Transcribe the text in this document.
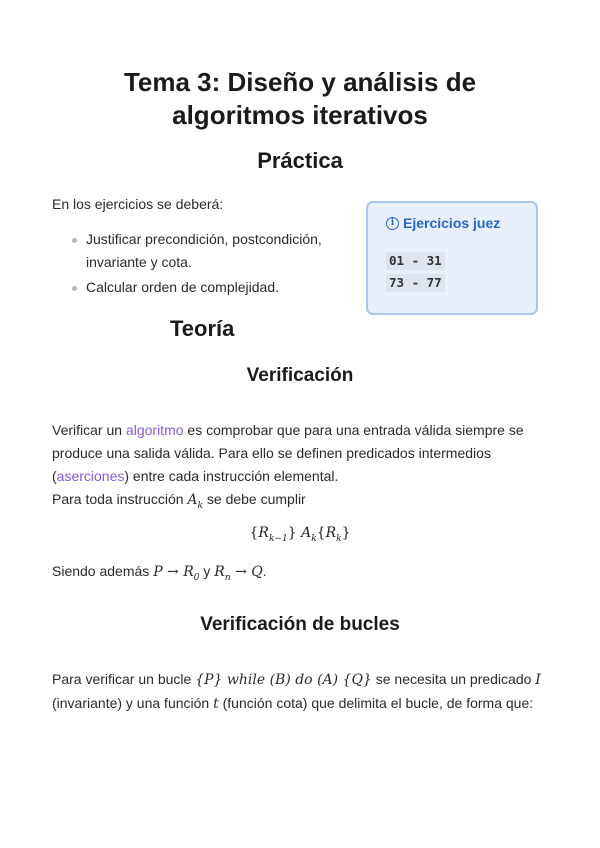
Tema 3: Diseño y análisis de algoritmos iterativos
Práctica
En los ejercicios se deberá:
Justificar precondición, postcondición, invariante y cota.
Calcular orden de complejidad.
i Ejercicios juez
01 - 31
73 - 77
Teoría
Verificación
Verificar un algoritmo es comprobar que para una entrada válida siempre se produce una salida válida. Para ello se definen predicados intermedios (aserciones) entre cada instrucción elemental.
Para toda instrucción $A_k$ se debe cumplir
$\{R_{k-1}\}$ $A_k\{R_k\}$
Siendo además $P \to R_0$ y $R_n \to Q$.
Verificación de bucles
Para verificar un bucle {P} while (B) do (A) {Q} se necesita un predicado I (invariante) y una función t (función cota) que delimita el bucle, de forma que:
